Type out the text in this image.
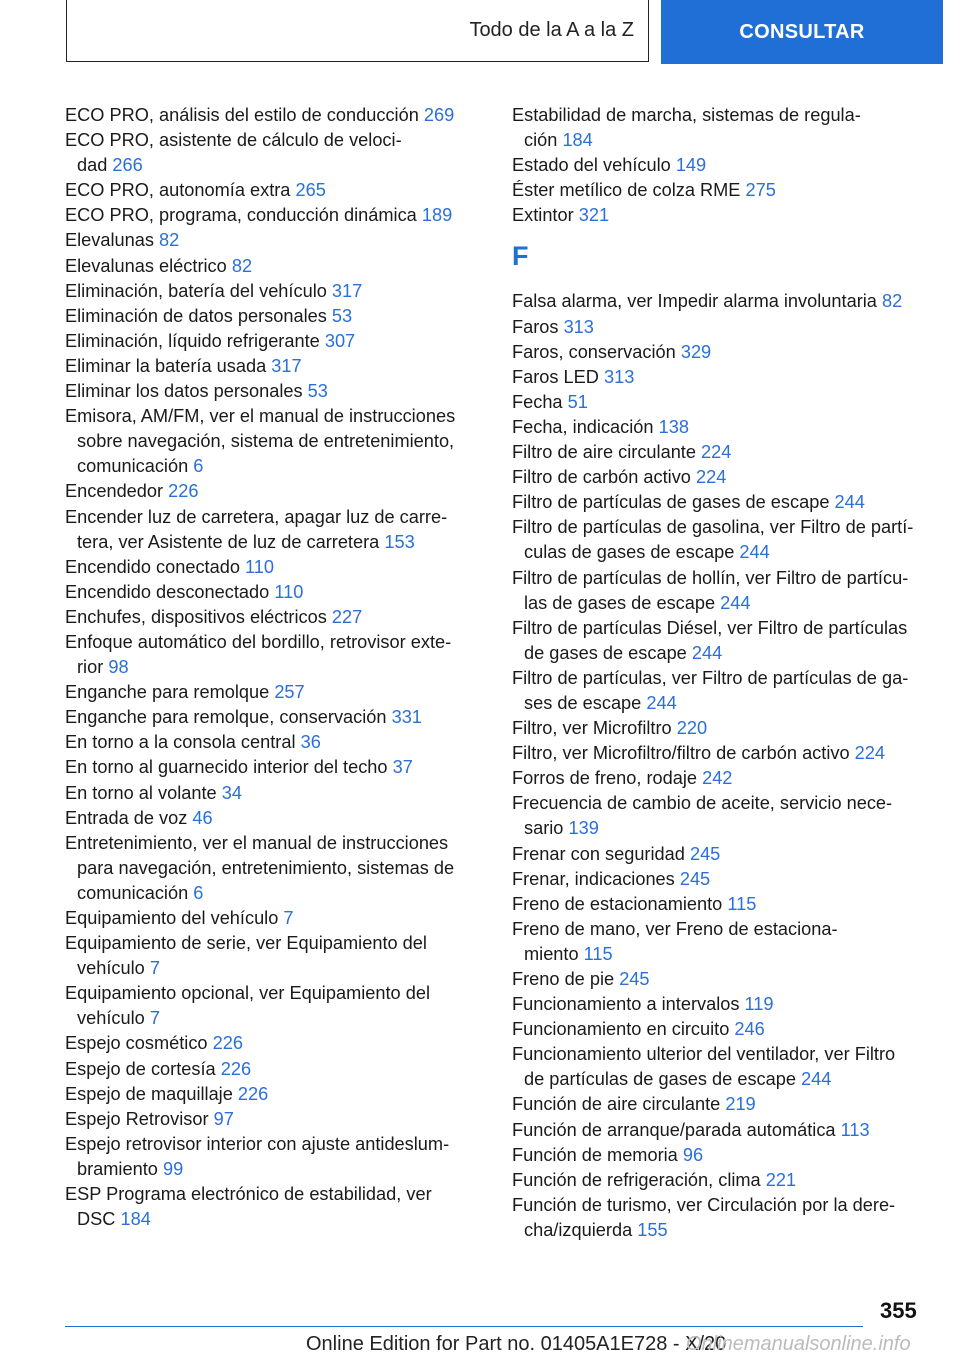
Todo de la A a la Z	CONSULTAR
ECO PRO, análisis del estilo de conducción 269
ECO PRO, asistente de cálculo de veloci-
dad 266
ECO PRO, autonomía extra 265
ECO PRO, programa, conducción dinámica 189
Elevalunas 82
Elevalunas eléctrico 82
Eliminación, batería del vehículo 317
Eliminación de datos personales 53
Eliminación, líquido refrigerante 307
Eliminar la batería usada 317
Eliminar los datos personales 53
Emisora, AM/FM, ver el manual de instrucciones
sobre navegación, sistema de entretenimiento,
comunicación 6
Encendedor 226
Encender luz de carretera, apagar luz de carre-
tera, ver Asistente de luz de carretera 153
Encendido conectado 110
Encendido desconectado 110
Enchufes, dispositivos eléctricos 227
Enfoque automático del bordillo, retrovisor exte-
rior 98
Enganche para remolque 257
Enganche para remolque, conservación 331
En torno a la consola central 36
En torno al guarnecido interior del techo 37
En torno al volante 34
Entrada de voz 46
Entretenimiento, ver el manual de instrucciones
para navegación, entretenimiento, sistemas de
comunicación 6
Equipamiento del vehículo 7
Equipamiento de serie, ver Equipamiento del
vehículo 7
Equipamiento opcional, ver Equipamiento del
vehículo 7
Espejo cosmético 226
Espejo de cortesía 226
Espejo de maquillaje 226
Espejo Retrovisor 97
Espejo retrovisor interior con ajuste antideslum-
bramiento 99
ESP Programa electrónico de estabilidad, ver
DSC 184
Estabilidad de marcha, sistemas de regula-
ción 184
Estado del vehículo 149
Éster metílico de colza RME 275
Extintor 321
F
Falsa alarma, ver Impedir alarma involuntaria 82
Faros 313
Faros, conservación 329
Faros LED 313
Fecha 51
Fecha, indicación 138
Filtro de aire circulante 224
Filtro de carbón activo 224
Filtro de partículas de gases de escape 244
Filtro de partículas de gasolina, ver Filtro de partí-
culas de gases de escape 244
Filtro de partículas de hollín, ver Filtro de partícu-
las de gases de escape 244
Filtro de partículas Diésel, ver Filtro de partículas
de gases de escape 244
Filtro de partículas, ver Filtro de partículas de ga-
ses de escape 244
Filtro, ver Microfiltro 220
Filtro, ver Microfiltro/filtro de carbón activo 224
Forros de freno, rodaje 242
Frecuencia de cambio de aceite, servicio nece-
sario 139
Frenar con seguridad 245
Frenar, indicaciones 245
Freno de estacionamiento 115
Freno de mano, ver Freno de estaciona-
miento 115
Freno de pie 245
Funcionamiento a intervalos 119
Funcionamiento en circuito 246
Funcionamiento ulterior del ventilador, ver Filtro
de partículas de gases de escape 244
Función de aire circulante 219
Función de arranque/parada automática 113
Función de memoria 96
Función de refrigeración, clima 221
Función de turismo, ver Circulación por la dere-
cha/izquierda 155
355
Online Edition for Part no. 01405A1E728 - X/20
Onlinemanualsonline.info
